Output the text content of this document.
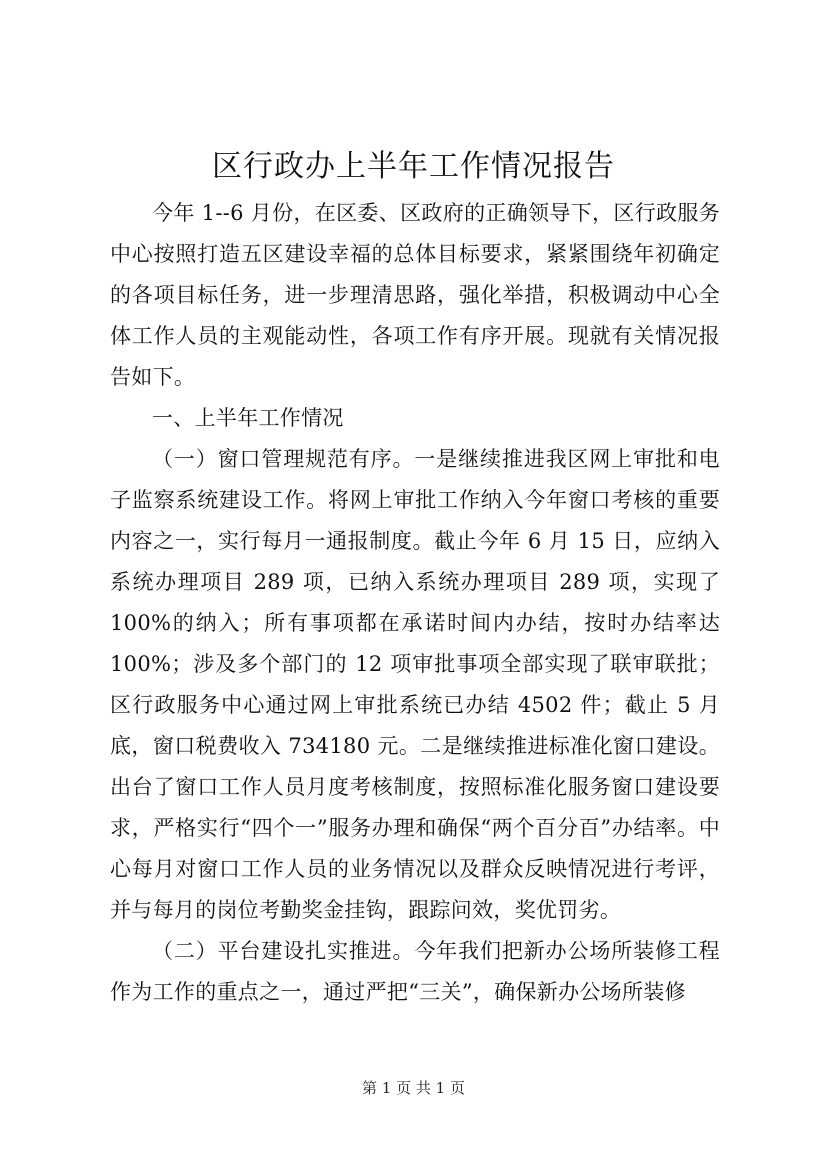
区行政办上半年工作情况报告

今年 1--6 月份，在区委、区政府的正确领导下，区行政服务中心按照打造五区建设幸福的总体目标要求，紧紧围绕年初确定的各项目标任务，进一步理清思路，强化举措，积极调动中心全体工作人员的主观能动性，各项工作有序开展。现就有关情况报告如下。

一、上半年工作情况

（一）窗口管理规范有序。一是继续推进我区网上审批和电子监察系统建设工作。将网上审批工作纳入今年窗口考核的重要内容之一，实行每月一通报制度。截止今年 6 月 15 日，应纳入系统办理项目 289 项，已纳入系统办理项目 289 项，实现了 100%的纳入；所有事项都在承诺时间内办结，按时办结率达 100%；涉及多个部门的 12 项审批事项全部实现了联审联批；区行政服务中心通过网上审批系统已办结 4502 件；截止 5 月底，窗口税费收入 734180 元。二是继续推进标准化窗口建设。出台了窗口工作人员月度考核制度，按照标准化服务窗口建设要求，严格实行“四个一”服务办理和确保“两个百分百”办结率。中心每月对窗口工作人员的业务情况以及群众反映情况进行考评，并与每月的岗位考勤奖金挂钩，跟踪问效，奖优罚劣。

（二）平台建设扎实推进。今年我们把新办公场所装修工程作为工作的重点之一，通过严把“三关”，确保新办公场所装修

第 1 页 共 1 页
